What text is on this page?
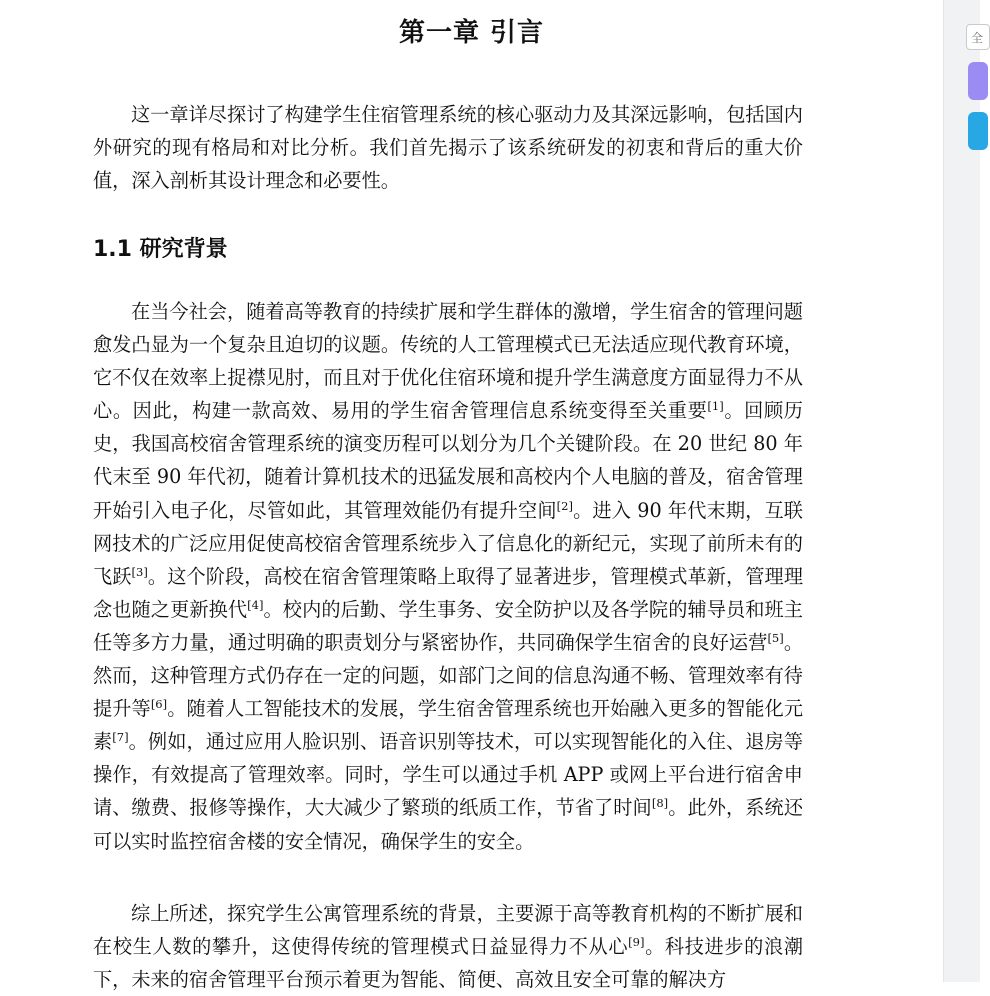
第一章 引言

这一章详尽探讨了构建学生住宿管理系统的核心驱动力及其深远影响，包括国内外研究的现有格局和对比分析。我们首先揭示了该系统研发的初衷和背后的重大价值，深入剖析其设计理念和必要性。

1.1 研究背景

在当今社会，随着高等教育的持续扩展和学生群体的激增，学生宿舍的管理问题愈发凸显为一个复杂且迫切的议题。传统的人工管理模式已无法适应现代教育环境，它不仅在效率上捉襟见肘，而且对于优化住宿环境和提升学生满意度方面显得力不从心。因此，构建一款高效、易用的学生宿舍管理信息系统变得至关重要[1]。回顾历史，我国高校宿舍管理系统的演变历程可以划分为几个关键阶段。在 20 世纪 80 年代末至 90 年代初，随着计算机技术的迅猛发展和高校内个人电脑的普及，宿舍管理开始引入电子化，尽管如此，其管理效能仍有提升空间[2]。进入 90 年代末期，互联网技术的广泛应用促使高校宿舍管理系统步入了信息化的新纪元，实现了前所未有的飞跃[3]。这个阶段，高校在宿舍管理策略上取得了显著进步，管理模式革新，管理理念也随之更新换代[4]。校内的后勤、学生事务、安全防护以及各学院的辅导员和班主任等多方力量，通过明确的职责划分与紧密协作，共同确保学生宿舍的良好运营[5]。然而，这种管理方式仍存在一定的问题，如部门之间的信息沟通不畅、管理效率有待提升等[6]。随着人工智能技术的发展，学生宿舍管理系统也开始融入更多的智能化元素[7]。例如，通过应用人脸识别、语音识别等技术，可以实现智能化的入住、退房等操作，有效提高了管理效率。同时，学生可以通过手机 APP 或网上平台进行宿舍申请、缴费、报修等操作，大大减少了繁琐的纸质工作，节省了时间[8]。此外，系统还可以实时监控宿舍楼的安全情况，确保学生的安全。

综上所述，探究学生公寓管理系统的背景，主要源于高等教育机构的不断扩展和在校生人数的攀升，这使得传统的管理模式日益显得力不从心[9]。科技进步的浪潮下，未来的宿舍管理平台预示着更为智能、简便、高效且安全可靠的解决方

全
